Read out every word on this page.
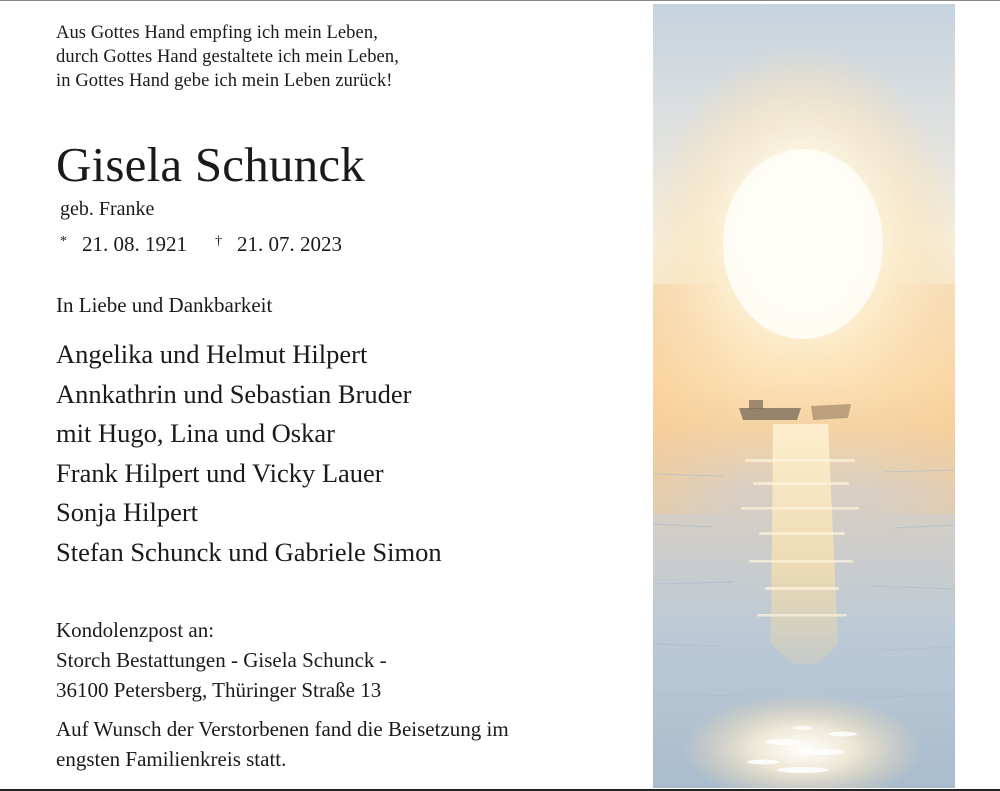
Aus Gottes Hand empfing ich mein Leben,
durch Gottes Hand gestaltete ich mein Leben,
in Gottes Hand gebe ich mein Leben zurück!
Gisela Schunck
geb. Franke
* 21. 08. 1921 † 21. 07. 2023
In Liebe und Dankbarkeit
Angelika und Helmut Hilpert
Annkathrin und Sebastian Bruder
mit Hugo, Lina und Oskar
Frank Hilpert und Vicky Lauer
Sonja Hilpert
Stefan Schunck und Gabriele Simon
Kondolenzpost an:
Storch Bestattungen - Gisela Schunck -
36100 Petersberg, Thüringer Straße 13
Auf Wunsch der Verstorbenen fand die Beisetzung im
engsten Familienkreis statt.
